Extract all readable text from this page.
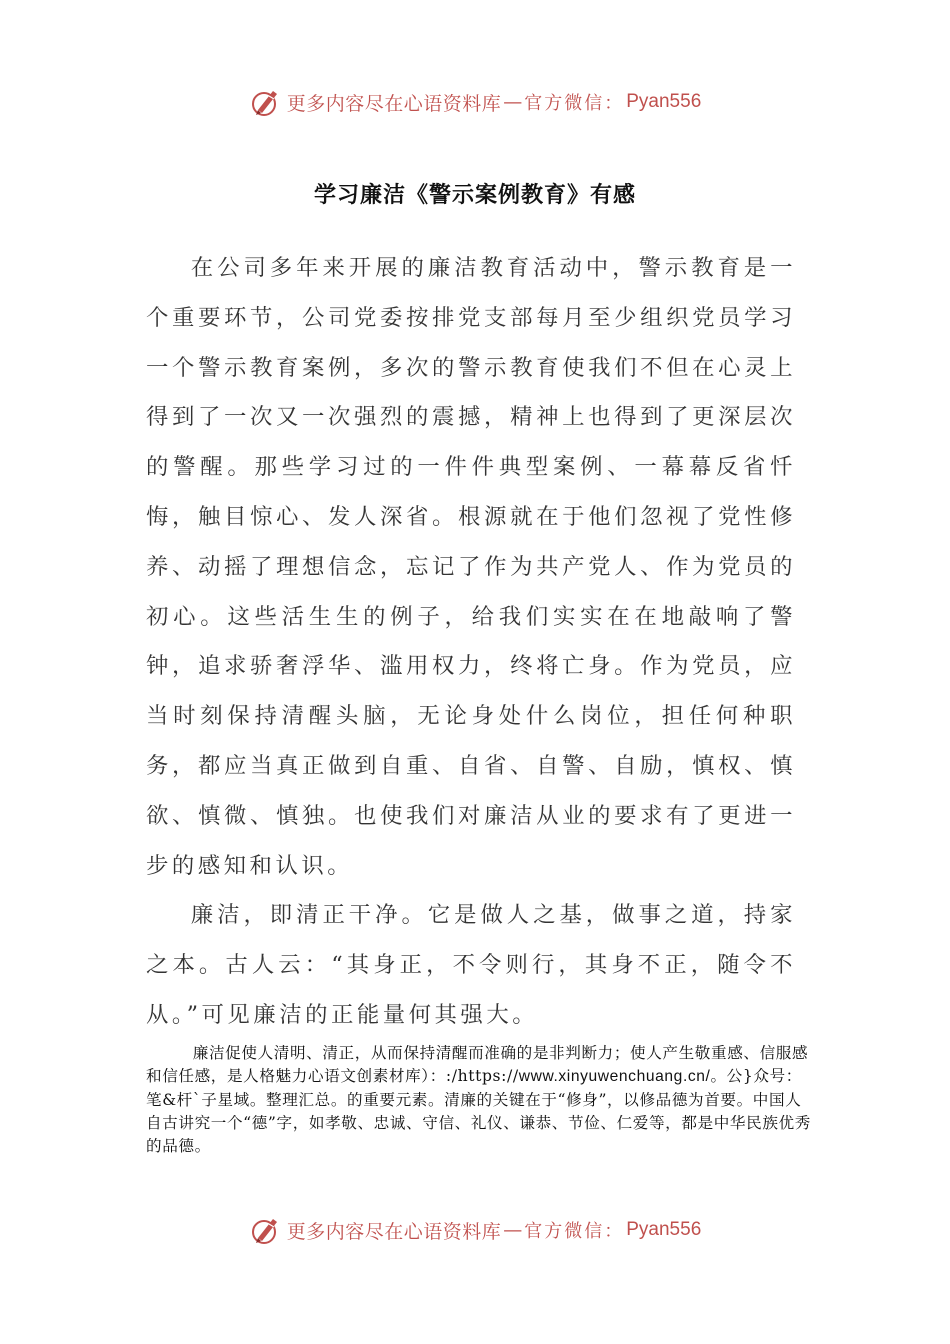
更多内容尽在心语资料库 — 官方微信： Pyan556
学习廉洁《警示案例教育》有感

在公司多年来开展的廉洁教育活动中，警示教育是一个重要环节，公司党委按排党支部每月至少组织党员学习一个警示教育案例，多次的警示教育使我们不但在心灵上得到了一次又一次强烈的震撼，精神上也得到了更深层次的警醒。那些学习过的一件件典型案例、一幕幕反省忏悔，触目惊心、发人深省。根源就在于他们忽视了党性修养、动摇了理想信念，忘记了作为共产党人、作为党员的初心。这些活生生的例子，给我们实实在在地敲响了警钟，追求骄奢浮华、滥用权力，终将亡身。作为党员，应当时刻保持清醒头脑，无论身处什么岗位，担任何种职务，都应当真正做到自重、自省、自警、自励，慎权、慎欲、慎微、慎独。也使我们对廉洁从业的要求有了更进一步的感知和认识。

廉洁，即清正干净。它是做人之基，做事之道，持家之本。古人云：“其身正，不令则行，其身不正，随令不从。”可见廉洁的正能量何其强大。

廉洁促使人清明、清正，从而保持清醒而准确的是非判断力；使人产生敬重感、信服感和信任感，是人格魅力心语文创素材库）：:/https://www.xinyuwenchuang.cn/。公}众号：笔&杆`子星域。整理汇总。的重要元素。清廉的关键在于“修身”，以修品德为首要。中国人自古讲究一个“德”字，如孝敬、忠诚、守信、礼仪、谦恭、节俭、仁爱等，都是中华民族优秀的品德。

更多内容尽在心语资料库 — 官方微信： Pyan556
